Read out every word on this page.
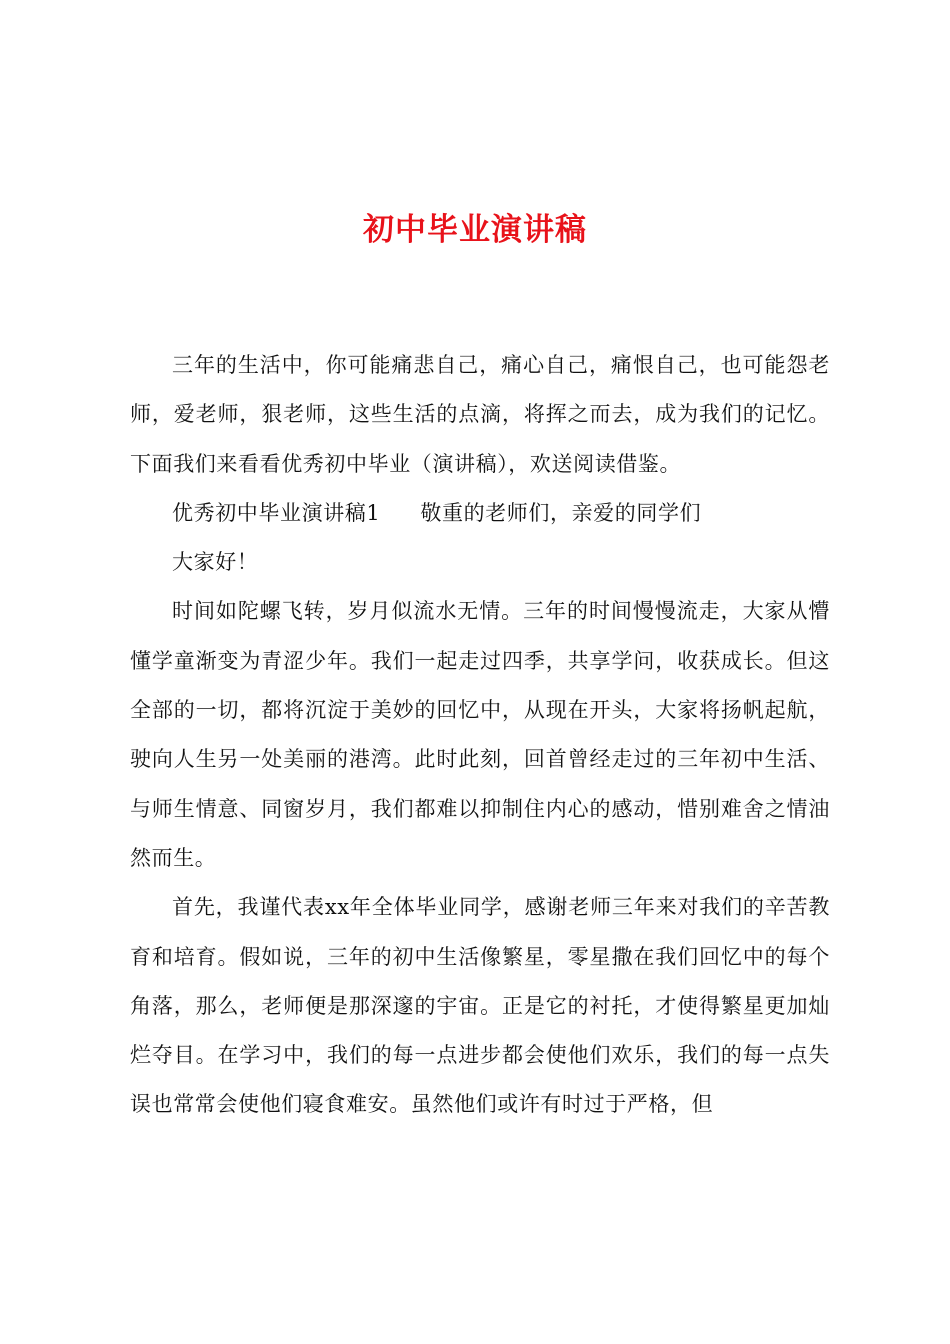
初中毕业演讲稿

三年的生活中，你可能痛悲自己，痛心自己，痛恨自己，也可能怨老师，爱老师，狠老师，这些生活的点滴，将挥之而去，成为我们的记忆。下面我们来看看优秀初中毕业（演讲稿），欢送阅读借鉴。

优秀初中毕业演讲稿1 敬重的老师们，亲爱的同学们

大家好！

时间如陀螺飞转，岁月似流水无情。三年的时间慢慢流走，大家从懵懂学童渐变为青涩少年。我们一起走过四季，共享学问，收获成长。但这全部的一切，都将沉淀于美妙的回忆中，从现在开头，大家将扬帆起航，驶向人生另一处美丽的港湾。此时此刻，回首曾经走过的三年初中生活、与师生情意、同窗岁月，我们都难以抑制住内心的感动，惜别难舍之情油然而生。

首先，我谨代表xx年全体毕业同学，感谢老师三年来对我们的辛苦教育和培育。假如说，三年的初中生活像繁星，零星撒在我们回忆中的每个角落，那么，老师便是那深邃的宇宙。正是它的衬托，才使得繁星更加灿烂夺目。在学习中，我们的每一点进步都会使他们欢乐，我们的每一点失误也常常会使他们寝食难安。虽然他们或许有时过于严格，但
